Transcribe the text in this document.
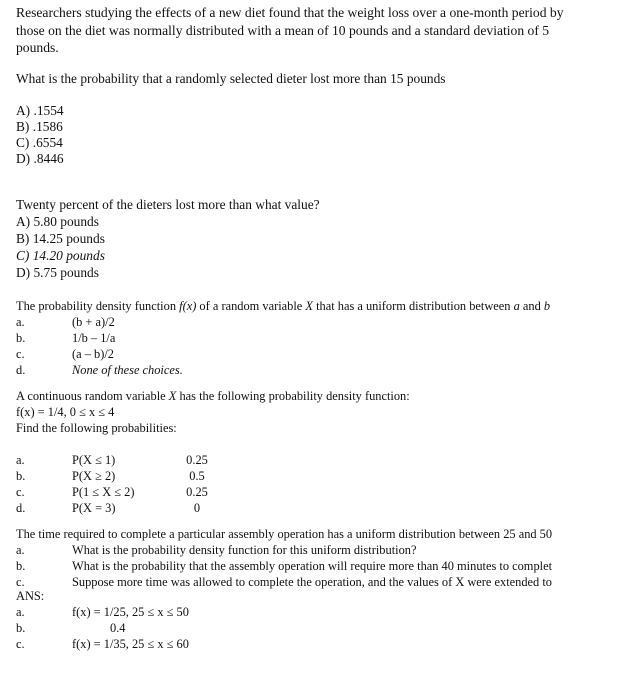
Researchers studying the effects of a new diet found that the weight loss over a one-month period by those on the diet was normally distributed with a mean of 10 pounds and a standard deviation of 5 pounds.
What is the probability that a randomly selected dieter lost more than 15 pounds
A) .1554
B) .1586
C) .6554
D) .8446
Twenty percent of the dieters lost more than what value?
A) 5.80 pounds
B) 14.25 pounds
C) 14.20 pounds
D) 5.75 pounds
The probability density function f(x) of a random variable X that has a uniform distribution between a and b
a.	(b + a)/2
b.	1/b – 1/a
c.	(a – b)/2
d.	None of these choices.
A continuous random variable X has the following probability density function:
f(x) = 1/4, 0 ≤ x ≤ 4
Find the following probabilities:
a.	P(X ≤ 1)	0.25
b.	P(X ≥ 2)	0.5
c.	P(1 ≤ X ≤ 2)	0.25
d.	P(X = 3)	0
The time required to complete a particular assembly operation has a uniform distribution between 25 and 50
a.	What is the probability density function for this uniform distribution?
b.	What is the probability that the assembly operation will require more than 40 minutes to complet
c.	Suppose more time was allowed to complete the operation, and the values of X were extended to
ANS:
a.	f(x) = 1/25, 25 ≤ x ≤ 50
b.	0.4
c.	f(x) = 1/35, 25 ≤ x ≤ 60
